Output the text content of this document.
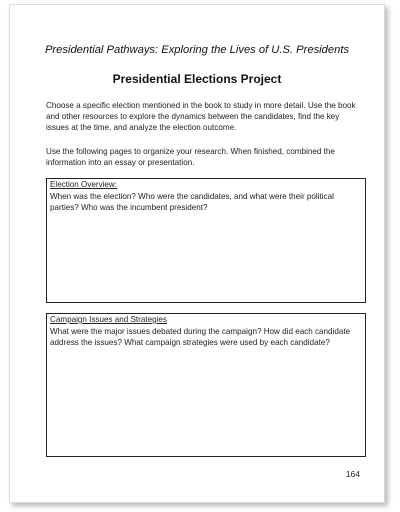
Presidential Pathways: Exploring the Lives of U.S. Presidents
Presidential Elections Project
Choose a specific election mentioned in the book to study in more detail. Use the book and other resources to explore the dynamics between the candidates, find the key issues at the time, and analyze the election outcome.
Use the following pages to organize your research. When finished, combined the information into an essay or presentation.
Election Overview:
When was the election? Who were the candidates, and what were their political parties? Who was the incumbent president?
Campaign Issues and Strategies
What were the major issues debated during the campaign? How did each candidate address the issues? What campaign strategies were used by each candidate?
164
